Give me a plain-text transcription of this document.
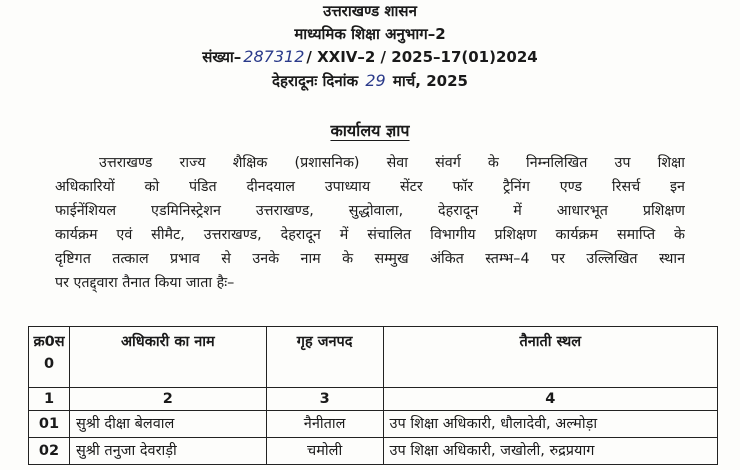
उत्तराखण्ड शासन
माध्यमिक शिक्षा अनुभाग–2
संख्या– 287312 / XXIV–2 / 2025–17(01)2024
देहरादूनः दिनांक 29 मार्च, 2025
कार्यालय ज्ञाप
उत्तराखण्ड राज्य शैक्षिक (प्रशासनिक) सेवा संवर्ग के निम्नलिखित उप शिक्षा
अधिकारियों को पंडित दीनदयाल उपाध्याय सेंटर फॉर ट्रैनिंग एण्ड रिसर्च इन
फाईनेंशियल एडमिनिस्ट्रेशन उत्तराखण्ड, सुद्धोवाला, देहरादून में आधारभूत प्रशिक्षण
कार्यक्रम एवं सीमैट, उत्तराखण्ड, देहरादून में संचालित विभागीय प्रशिक्षण कार्यक्रम समाप्ति के
दृष्टिगत तत्काल प्रभाव से उनके नाम के सम्मुख अंकित स्तम्भ–4 पर उल्लिखित स्थान
पर एतद्द्वारा तैनात किया जाता हैः–
क्र0स 0	अधिकारी का नाम	गृह जनपद	तैनाती स्थल
1	2	3	4
01	सुश्री दीक्षा बेलवाल	नैनीताल	उप शिक्षा अधिकारी, धौलादेवी, अल्मोड़ा
02	सुश्री तनुजा देवराड़ी	चमोली	उप शिक्षा अधिकारी, जखोली, रुद्रप्रयाग
